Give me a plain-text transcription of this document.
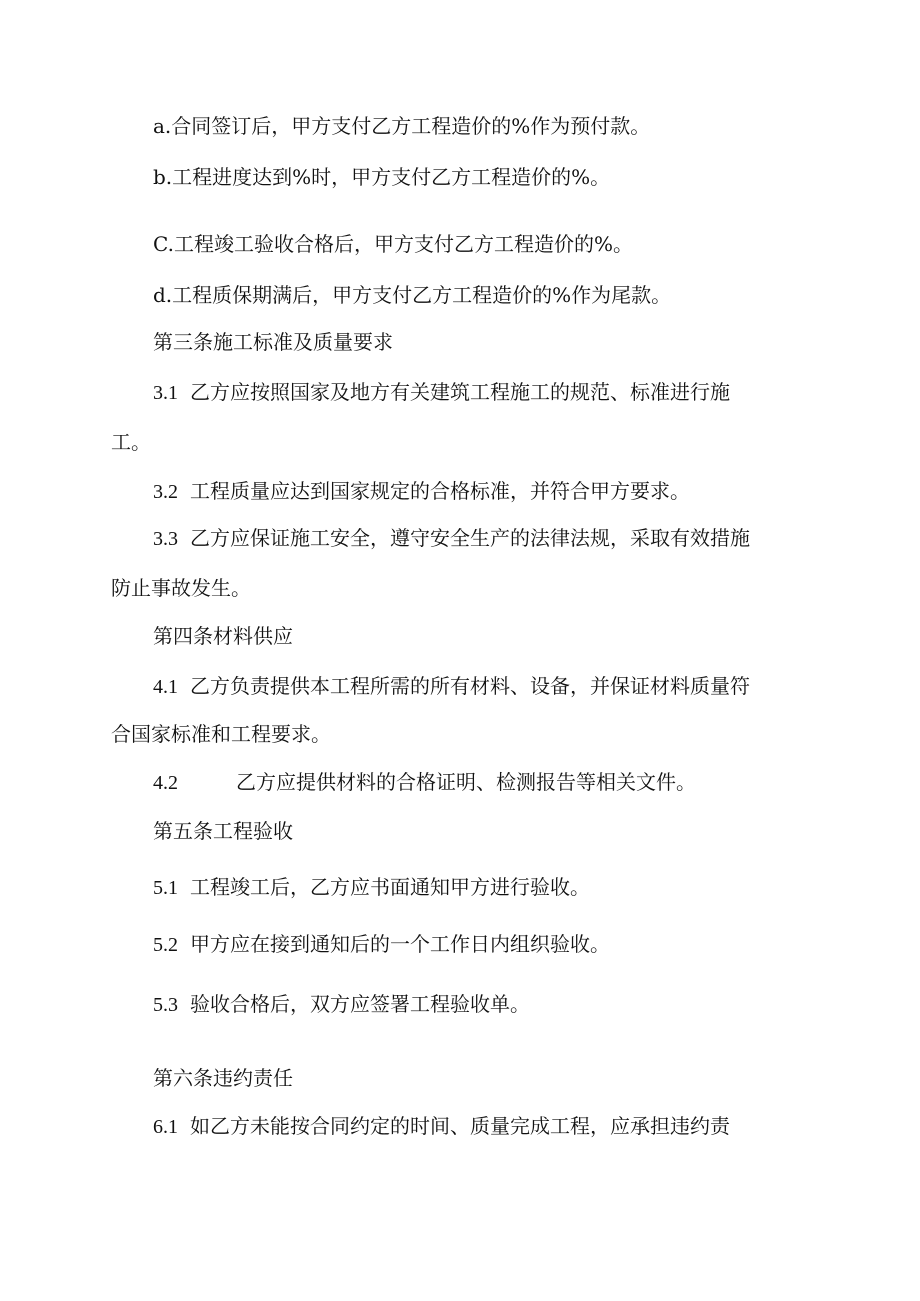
a.合同签订后，甲方支付乙方工程造价的%作为预付款。
b.工程进度达到%时，甲方支付乙方工程造价的%。
C.工程竣工验收合格后，甲方支付乙方工程造价的%。
d.工程质保期满后，甲方支付乙方工程造价的%作为尾款。
第三条施工标准及质量要求
3.1 乙方应按照国家及地方有关建筑工程施工的规范、标准进行施
工。
3.2 工程质量应达到国家规定的合格标准，并符合甲方要求。
3.3 乙方应保证施工安全，遵守安全生产的法律法规，采取有效措施
防止事故发生。
第四条材料供应
4.1 乙方负责提供本工程所需的所有材料、设备，并保证材料质量符
合国家标准和工程要求。
4.2	乙方应提供材料的合格证明、检测报告等相关文件。
第五条工程验收
5.1 工程竣工后，乙方应书面通知甲方进行验收。
5.2 甲方应在接到通知后的一个工作日内组织验收。
5.3 验收合格后，双方应签署工程验收单。
第六条违约责任
6.1 如乙方未能按合同约定的时间、质量完成工程，应承担违约责
